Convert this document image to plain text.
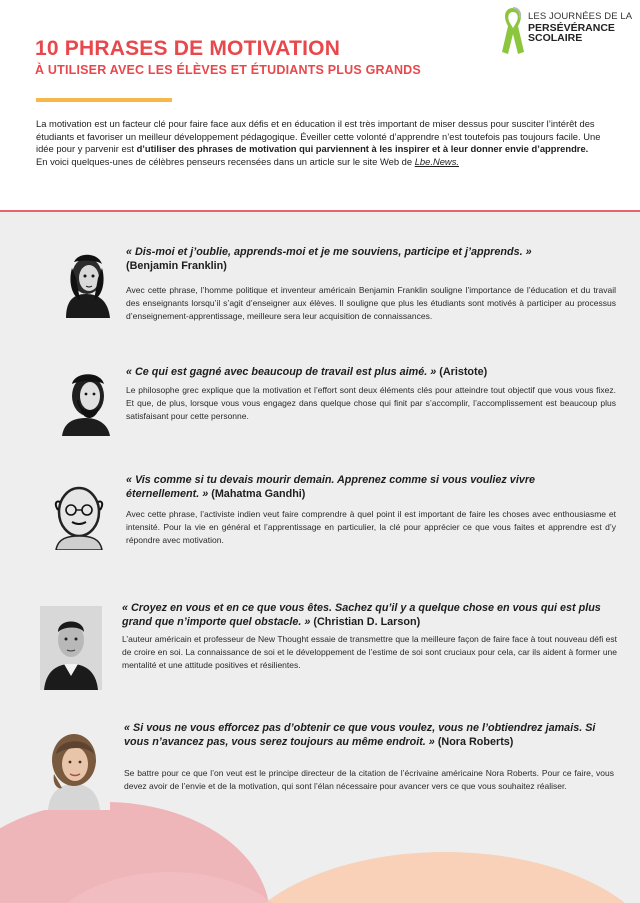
10 PHRASES DE MOTIVATION
À UTILISER AVEC LES ÉLÈVES ET ÉTUDIANTS PLUS GRANDS
LES JOURNÉES DE LA
PERSÉVÉRANCE
SCOLAIRE
La motivation est un facteur clé pour faire face aux défis et en éducation il est très important de miser dessus pour susciter l’intérêt des étudiants et favoriser un meilleur développement pédagogique. Éveiller cette volonté d’apprendre n’est toutefois pas toujours facile. Une idée pour y parvenir est d’utiliser des phrases de motivation qui parviennent à les inspirer et à leur donner envie d’apprendre.
En voici quelques-unes de célèbres penseurs recensées dans un article sur le site Web de Lbe.News.
« Dis-moi et j’oublie, apprends-moi et je me souviens, participe et j’apprends. »
(Benjamin Franklin)
Avec cette phrase, l’homme politique et inventeur américain Benjamin Franklin souligne l’importance de l’éducation et du travail des enseignants lorsqu’il s’agit d’enseigner aux élèves. Il souligne que plus les étudiants sont motivés à participer au processus d’enseignement-apprentissage, meilleure sera leur acquisition de connaissances.
« Ce qui est gagné avec beaucoup de travail est plus aimé. » (Aristote)
Le philosophe grec explique que la motivation et l’effort sont deux éléments clés pour atteindre tout objectif que vous vous fixez. Et que, de plus, lorsque vous vous engagez dans quelque chose qui finit par s’accomplir, l’accomplissement est beaucoup plus satisfaisant pour cette personne.
« Vis comme si tu devais mourir demain. Apprenez comme si vous vouliez vivre éternellement. » (Mahatma Gandhi)
Avec cette phrase, l’activiste indien veut faire comprendre à quel point il est important de faire les choses avec enthousiasme et intensité. Pour la vie en général et l’apprentissage en particulier, la clé pour apprécier ce que vous faites et apprendre est d’y répondre avec motivation.
« Croyez en vous et en ce que vous êtes. Sachez qu’il y a quelque chose en vous qui est plus grand que n’importe quel obstacle. » (Christian D. Larson)
L’auteur américain et professeur de New Thought essaie de transmettre que la meilleure façon de faire face à tout nouveau défi est de croire en soi. La connaissance de soi et le développement de l’estime de soi sont cruciaux pour cela, car ils aident à former une mentalité et une attitude positives et résilientes.
« Si vous ne vous efforcez pas d’obtenir ce que vous voulez, vous ne l’obtiendrez jamais. Si vous n’avancez pas, vous serez toujours au même endroit. » (Nora Roberts)
Se battre pour ce que l’on veut est le principe directeur de la citation de l’écrivaine américaine Nora Roberts. Pour ce faire, vous devez avoir de l’envie et de la motivation, qui sont l’élan nécessaire pour avancer vers ce que vous souhaitez réaliser.
